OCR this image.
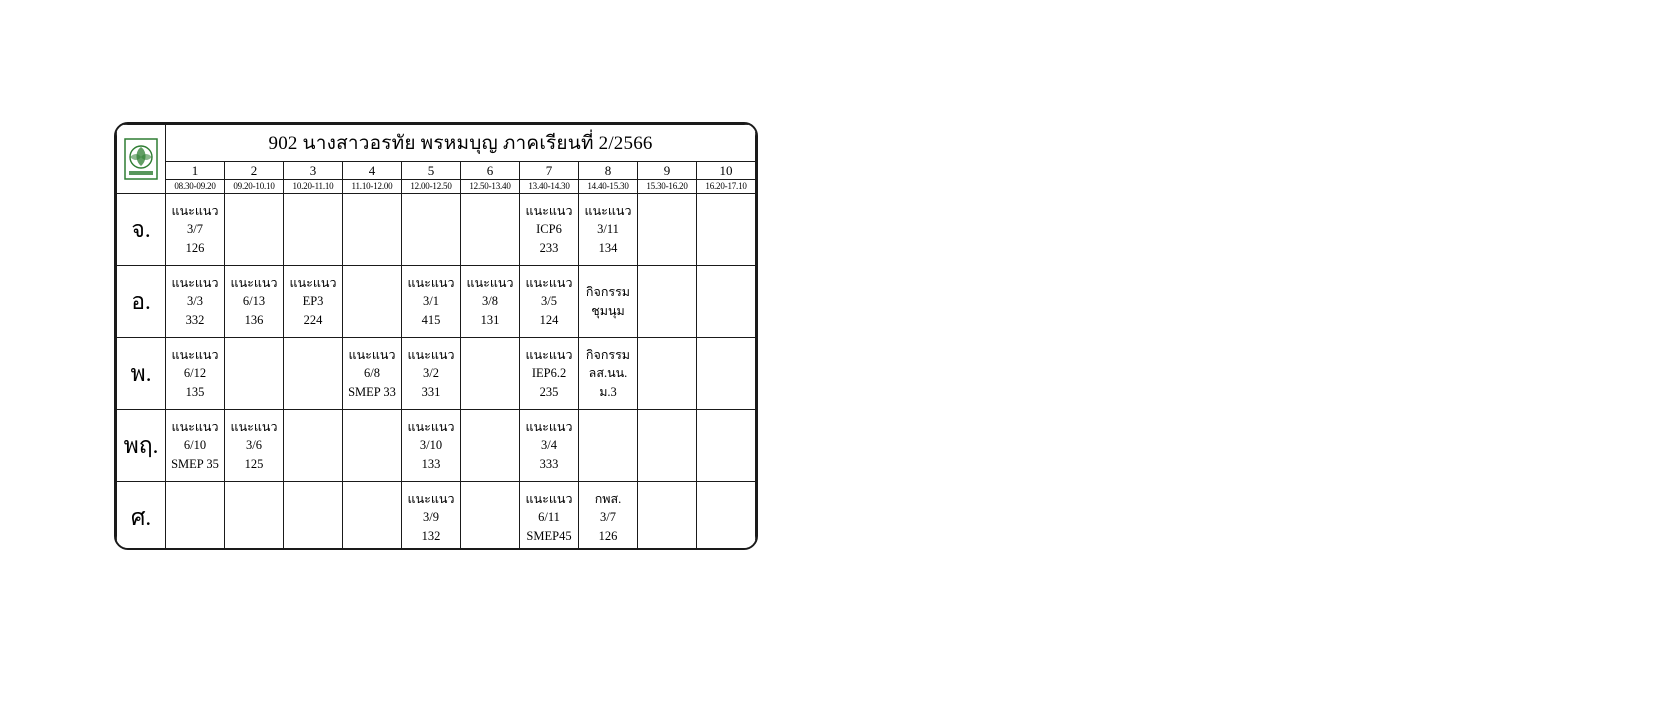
	902 นางสาวอรทัย พรหมบุญ ภาคเรียนที่ 2/2566									
	1	2	3	4	5	6	7	8	9	10
	08.30-09.20	09.20-10.10	10.20-11.10	11.10-12.00	12.00-12.50	12.50-13.40	13.40-14.30	14.40-15.30	15.30-16.20	16.20-17.10
จ.	แนะแนว
3/7
126						แนะแนว
ICP6
233	แนะแนว
3/11
134		

อ.	แนะแนว
3/3
332	แนะแนว
6/13
136	แนะแนว
EP3
224		แนะแนว
3/1
415	แนะแนว
3/8
131	แนะแนว
3/5
124	กิจกรรม
ชุมนุม		

พ.	แนะแนว
6/12
135			แนะแนว
6/8
SMEP 33	แนะแนว
3/2
331		แนะแนว
IEP6.2
235	กิจกรรม
ลส.นน.
ม.3		

พฤ.	แนะแนว
6/10
SMEP 35	แนะแนว
3/6
125			แนะแนว
3/10
133		แนะแนว
3/4
333			

ศ.					แนะแนว
3/9
132		แนะแนว
6/11
SMEP45	กพส.
3/7
126		
